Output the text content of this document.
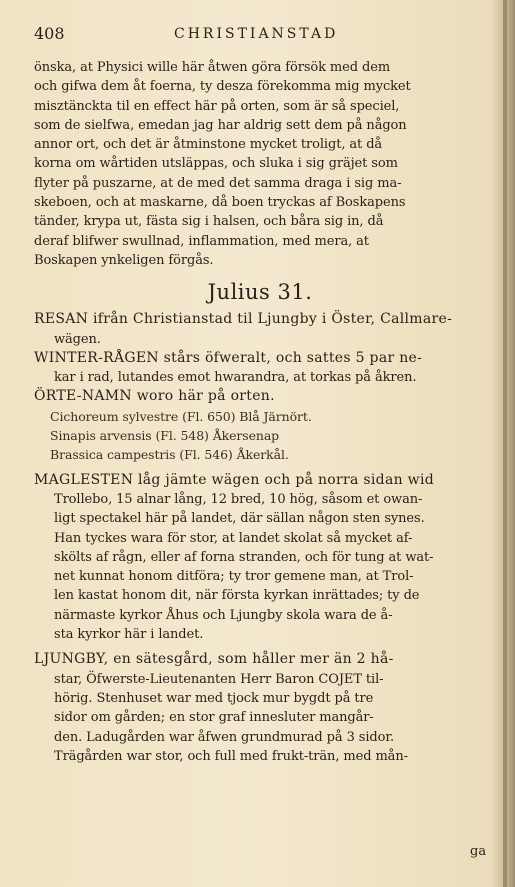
408	CHRISTIANSTAD
önska, at Physici wille här åtwen göra försök med dem
och gifwa dem åt foerna, ty desza förekomma mig mycket
misztänckta til en effect här på orten, som är så speciel,
som de sielfwa, emedan jag har aldrig sett dem på någon
annor ort, och det är åtminstone mycket troligt, at då
korna om wårtiden utsläppas, och sluka i sig gräjet som
flyter på puszarne, at de med det samma draga i sig ma-
skeboen, och at maskarne, då boen tryckas af Boskapens
tänder, krypa ut, fästa sig i halsen, och båra sig in, då
deraf blifwer swullnad, inflammation, med mera, at
Boskapen ynkeligen förgås.
Julius 31.
RESAN ifrån Christianstad til Ljungby i Öster, Callmare-
wägen.
WINTER-RÅGEN stårs öfweralt, och sattes 5 par ne-
kar i rad, lutandes emot hwarandra, at torkas på åkren.
ÖRTE-NAMN woro här på orten.
Cichoreum sylvestre (Fl. 650) Blå Järnört.
Sinapis arvensis (Fl. 548) Åkersenap
Brassica campestris (Fl. 546) Åkerkål.
MAGLESTEN låg jämte wägen och på norra sidan wid
Trollebo, 15 alnar lång, 12 bred, 10 hög, såsom et owan-
ligt spectakel här på landet, där sällan någon sten synes.
Han tyckes wara för stor, at landet skolat så mycket af-
skölts af rågn, eller af forna stranden, och för tung at wat-
net kunnat honom ditföra; ty tror gemene man, at Trol-
len kastat honom dit, när första kyrkan inrättades; ty de
närmaste kyrkor Åhus och Ljungby skola wara de å-
sta kyrkor här i landet.
LJUNGBY, en sätesgård, som håller mer än 2 hå-
star, Öfwerste-Lieutenanten Herr Baron COJET til-
hörig. Stenhuset war med tjock mur bygdt på tre
sidor om gården; en stor graf innesluter mangår-
den. Ladugården war åfwen grundmurad på 3 sidor.
Trägården war stor, och full med frukt-trän, med mån-
ga
